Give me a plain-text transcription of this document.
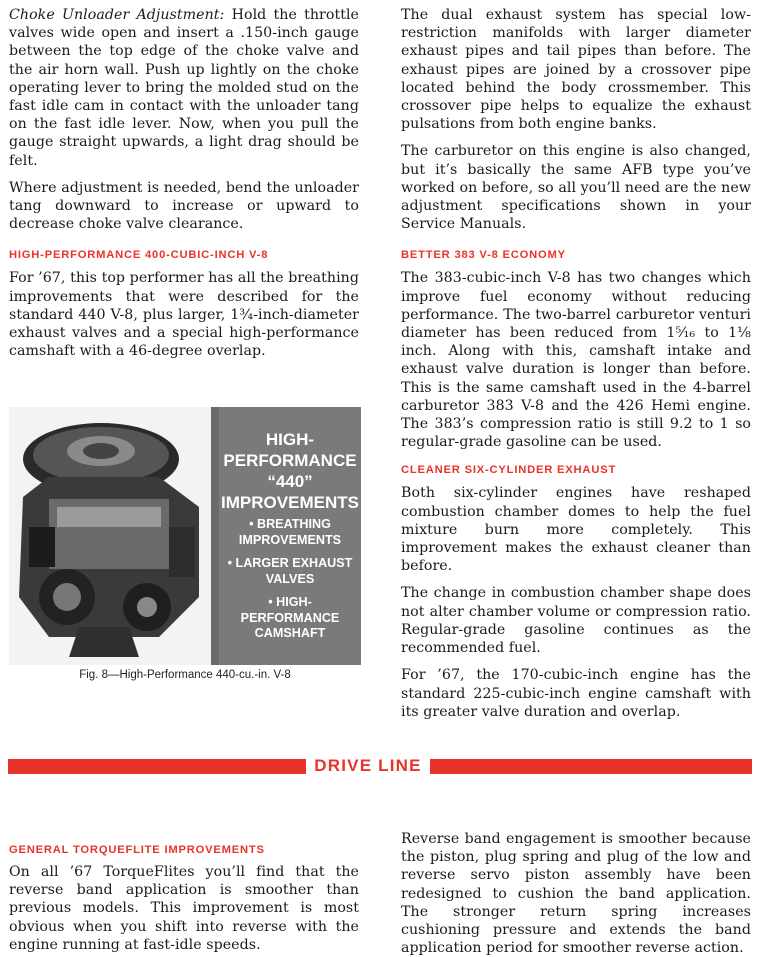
Choke Unloader Adjustment: Hold the throttle valves wide open and insert a .150-inch gauge between the top edge of the choke valve and the air horn wall. Push up lightly on the choke operating lever to bring the molded stud on the fast idle cam in contact with the unloader tang on the fast idle lever. Now, when you pull the gauge straight upwards, a light drag should be felt.

Where adjustment is needed, bend the unloader tang downward to increase or upward to decrease choke valve clearance.

HIGH-PERFORMANCE 400-CUBIC-INCH V-8

For ’67, this top performer has all the breathing improvements that were described for the standard 440 V-8, plus larger, 1¾-inch-diameter exhaust valves and a special high-performance camshaft with a 46-degree overlap.

HIGH-
PERFORMANCE
“440”
IMPROVEMENTS
• BREATHING IMPROVEMENTS
• LARGER EXHAUST VALVES
• HIGH-PERFORMANCE CAMSHAFT
Fig. 8—High-Performance 440-cu.-in. V-8

The dual exhaust system has special low-restriction manifolds with larger diameter exhaust pipes and tail pipes than before. The exhaust pipes are joined by a crossover pipe located behind the body crossmember. This crossover pipe helps to equalize the exhaust pulsations from both engine banks.

The carburetor on this engine is also changed, but it’s basically the same AFB type you’ve worked on before, so all you’ll need are the new adjustment specifications shown in your Service Manuals.

BETTER 383 V-8 ECONOMY

The 383-cubic-inch V-8 has two changes which improve fuel economy without reducing performance. The two-barrel carburetor venturi diameter has been reduced from 1⁵⁄₁₆ to 1⅛ inch. Along with this, camshaft intake and exhaust valve duration is longer than before. This is the same camshaft used in the 4-barrel carburetor 383 V-8 and the 426 Hemi engine. The 383’s compression ratio is still 9.2 to 1 so regular-grade gasoline can be used.

CLEANER SIX-CYLINDER EXHAUST

Both six-cylinder engines have reshaped combustion chamber domes to help the fuel mixture burn more completely. This improvement makes the exhaust cleaner than before.

The change in combustion chamber shape does not alter chamber volume or compression ratio. Regular-grade gasoline continues as the recommended fuel.

For ’67, the 170-cubic-inch engine has the standard 225-cubic-inch engine camshaft with its greater valve duration and overlap.

DRIVE LINE
GENERAL TORQUEFLITE IMPROVEMENTS

On all ’67 TorqueFlites you’ll find that the reverse band application is smoother than previous models. This improvement is most obvious when you shift into reverse with the engine running at fast-idle speeds.

Reverse band engagement is smoother because the piston, plug spring and plug of the low and reverse servo piston assembly have been redesigned to cushion the band application. The stronger return spring increases cushioning pressure and extends the band application period for smoother reverse action.
